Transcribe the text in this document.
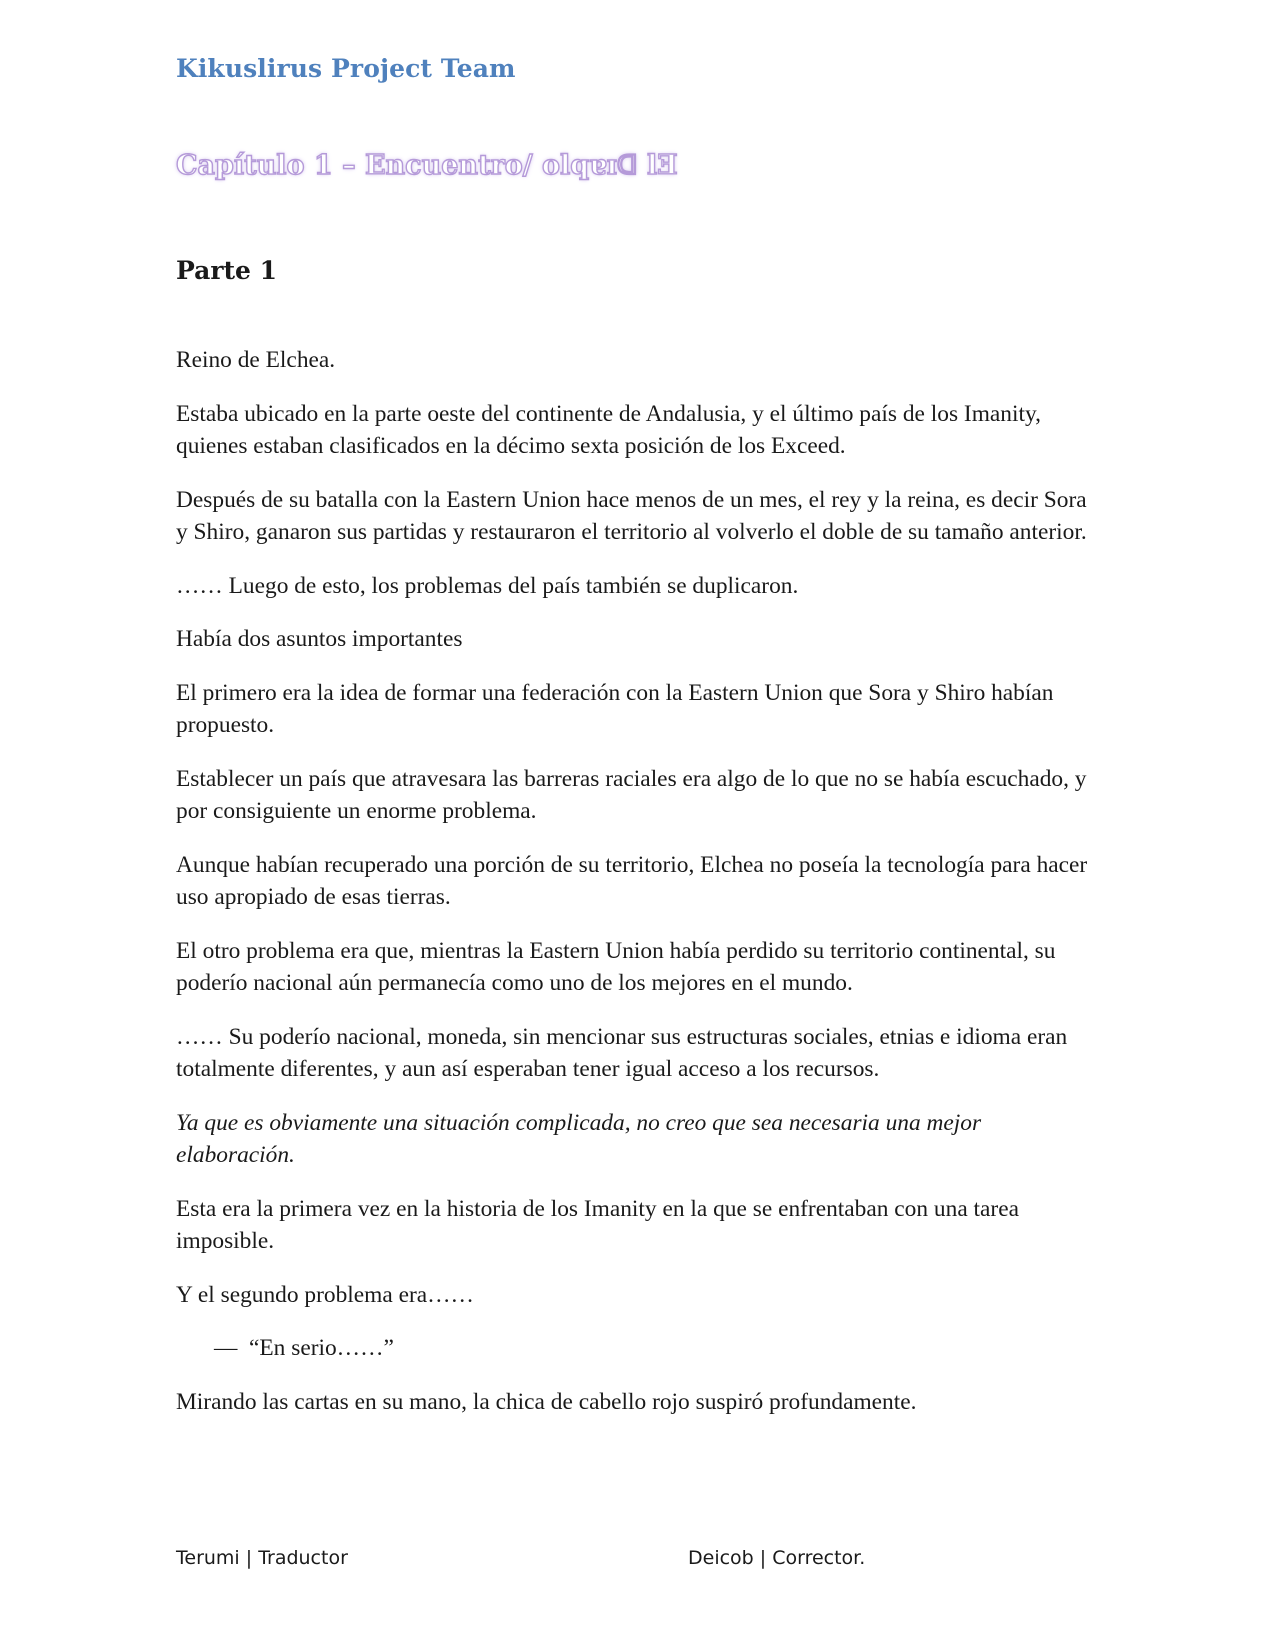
Kikuslirus Project Team
Capítulo 1 – Encuentro/ olqɐɪᗡ lƎ
Parte 1

Reino de Elchea.

Estaba ubicado en la parte oeste del continente de Andalusia, y el último país de los Imanity, quienes estaban clasificados en la décimo sexta posición de los Exceed.

Después de su batalla con la Eastern Union hace menos de un mes, el rey y la reina, es decir Sora y Shiro, ganaron sus partidas y restauraron el territorio al volverlo el doble de su tamaño anterior.

…… Luego de esto, los problemas del país también se duplicaron.

Había dos asuntos importantes

El primero era la idea de formar una federación con la Eastern Union que Sora y Shiro habían propuesto.

Establecer un país que atravesara las barreras raciales era algo de lo que no se había escuchado, y por consiguiente un enorme problema.

Aunque habían recuperado una porción de su territorio, Elchea no poseía la tecnología para hacer uso apropiado de esas tierras.

El otro problema era que, mientras la Eastern Union había perdido su territorio continental, su poderío nacional aún permanecía como uno de los mejores en el mundo.

…… Su poderío nacional, moneda, sin mencionar sus estructuras sociales, etnias e idioma eran totalmente diferentes, y aun así esperaban tener igual acceso a los recursos.

Ya que es obviamente una situación complicada, no creo que sea necesaria una mejor elaboración.

Esta era la primera vez en la historia de los Imanity en la que se enfrentaban con una tarea imposible.

Y el segundo problema era……

— “En serio……”

Mirando las cartas en su mano, la chica de cabello rojo suspiró profundamente.

Terumi | Traductor	Deicob | Corrector.
